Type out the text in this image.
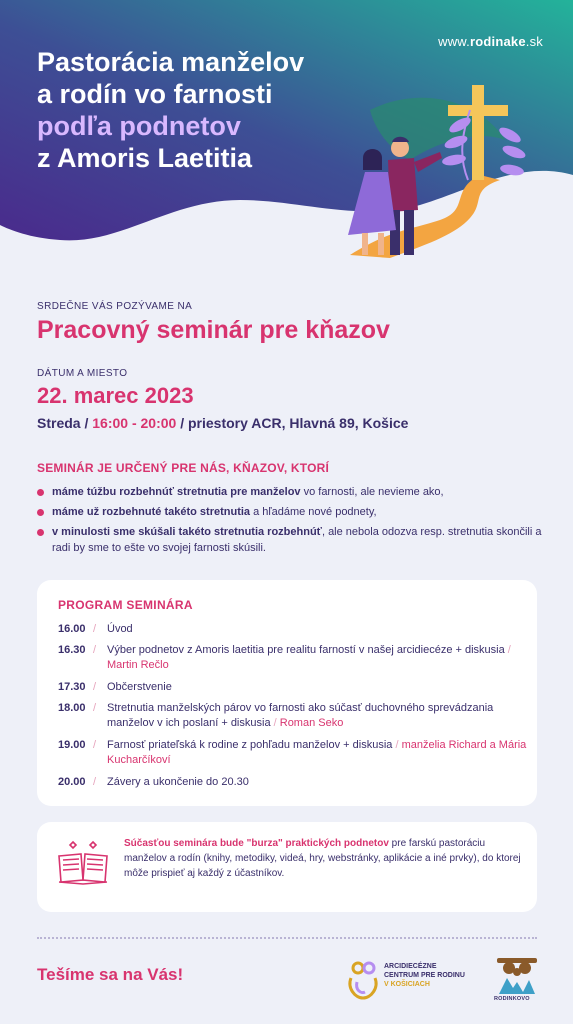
www.rodinake.sk
Pastorácia manželov
a rodín vo farnosti
podľa podnetov
z Amoris Laetitia
SRDEČNE VÁS POZÝVAME NA
Pracovný seminár pre kňazov
DÁTUM A MIESTO
22. marec 2023
Streda / 16:00 - 20:00 / priestory ACR, Hlavná 89, Košice
SEMINÁR JE URČENÝ PRE NÁS, KŇAZOV, KTORÍ
máme túžbu rozbehnúť stretnutia pre manželov vo farnosti, ale nevieme ako,
máme už rozbehnuté takéto stretnutia a hľadáme nové podnety,
v minulosti sme skúšali takéto stretnutia rozbehnúť, ale nebola odozva resp. stretnutia skončili a radi by sme to ešte vo svojej farnosti skúsili.
PROGRAM SEMINÁRA
16.00 / Úvod
16.30 / Výber podnetov z Amoris laetitia pre realitu farností v našej arcidiecéze + diskusia / Martin Rečlo
17.30 / Občerstvenie
18.00 / Stretnutia manželských párov vo farnosti ako súčasť duchovného sprevádzania manželov v ich poslaní + diskusia / Roman Seko
19.00 / Farnosť priateľská k rodine z pohľadu manželov + diskusia / manželia Richard a Mária Kucharčíkoví
20.00 / Závery a ukončenie do 20.30
Súčasťou seminára bude "burza" praktických podnetov pre farskú pastoráciu manželov a rodín (knihy, metodiky, videá, hry, webstránky, aplikácie a iné prvky), do ktorej môže prispieť aj každý z účastníkov.
Tešíme sa na Vás!	ARCIDIECÉZNE
CENTRUM PRE RODINU
V KOŠICIACH
RODINKOVO
